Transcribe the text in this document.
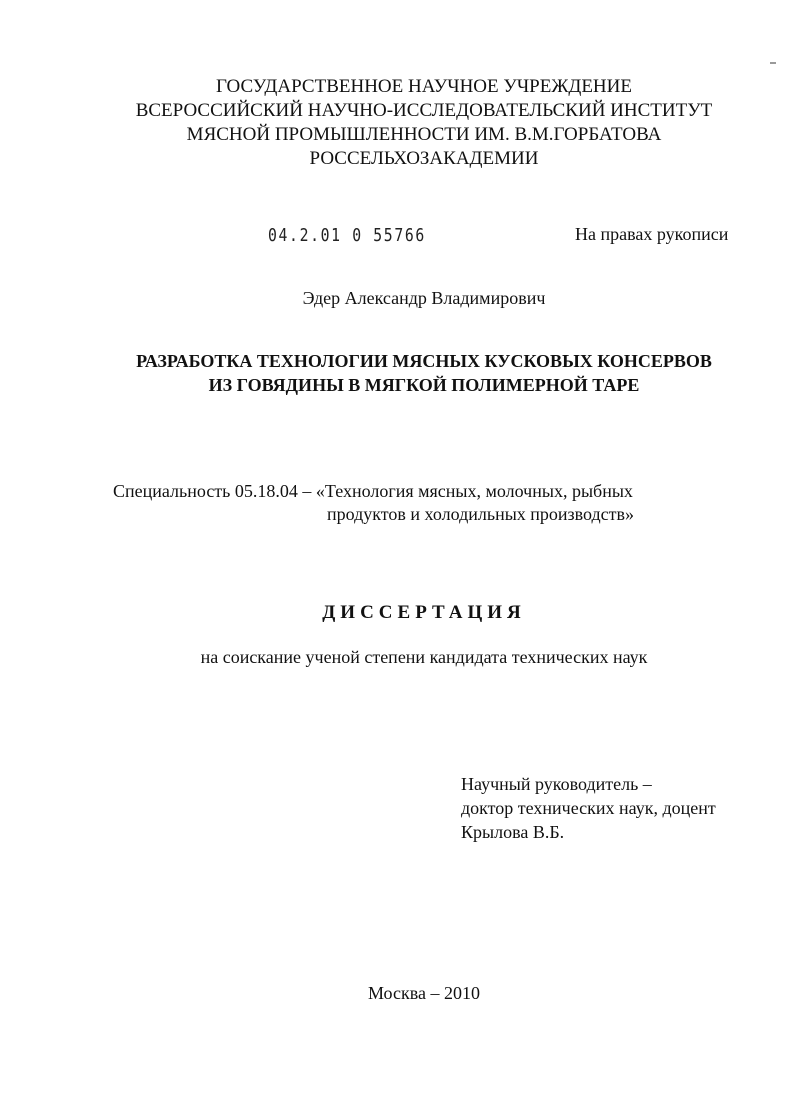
ГОСУДАРСТВЕННОЕ НАУЧНОЕ УЧРЕЖДЕНИЕ
ВСЕРОССИЙСКИЙ НАУЧНО-ИССЛЕДОВАТЕЛЬСКИЙ ИНСТИТУТ
МЯСНОЙ ПРОМЫШЛЕННОСТИ ИМ. В.М.ГОРБАТОВА
РОССЕЛЬХОЗАКАДЕМИИ
04.2.01 0 55766	На правах рукописи
Эдер Александр Владимирович
РАЗРАБОТКА ТЕХНОЛОГИИ МЯСНЫХ КУСКОВЫХ КОНСЕРВОВ
ИЗ ГОВЯДИНЫ В МЯГКОЙ ПОЛИМЕРНОЙ ТАРЕ
Специальность 05.18.04 – «Технология мясных, молочных, рыбных
продуктов и холодильных производств»
ДИССЕРТАЦИЯ
на соискание ученой степени кандидата технических наук
Научный руководитель –
доктор технических наук, доцент
Крылова В.Б.
Москва – 2010
